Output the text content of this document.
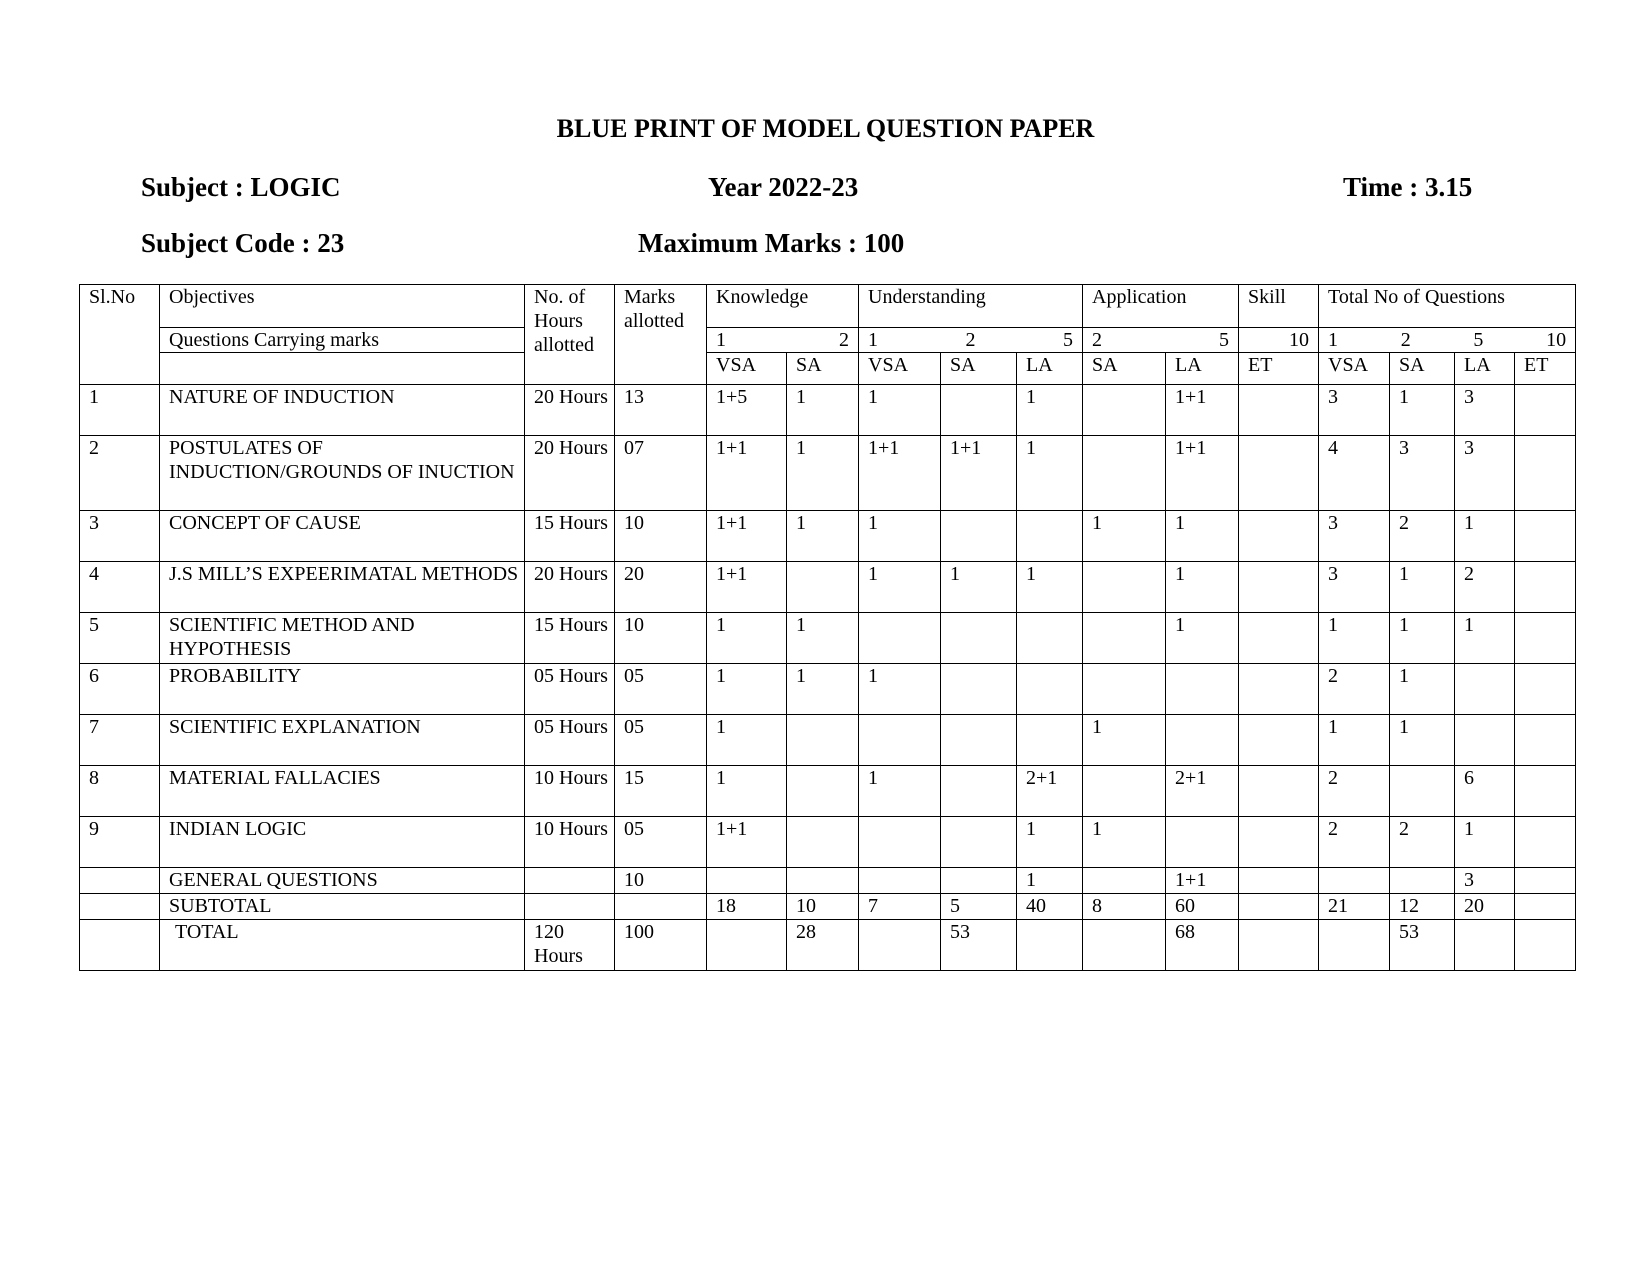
BLUE PRINT OF MODEL QUESTION PAPER
Subject : LOGIC	Year 2022-23	Time : 3.15
Subject Code : 23	Maximum Marks : 100
Sl.No	Objectives	No. of Hours allotted	Marks allotted	Knowledge		Understanding			Application		Skill	Total No of Questions			
	Questions Carrying marks			1 2		1 2 5			2 5		10	1 2 5 10			

				VSA	SA	VSA	SA	LA	SA	LA	ET	VSA	SA	LA	ET
1	NATURE OF INDUCTION	20 Hours	13	1+5	1	1		1		1+1		3	1	3	
2	POSTULATES OF INDUCTION/GROUNDS OF INUCTION	20 Hours	07	1+1	1	1+1	1+1	1		1+1		4	3	3	
3	CONCEPT OF CAUSE	15 Hours	10	1+1	1	1			1	1		3	2	1	
4	J.S MILL’S EXPEERIMATAL METHODS	20 Hours	20	1+1		1	1	1		1		3	1	2	
5	SCIENTIFIC METHOD AND HYPOTHESIS	15 Hours	10	1	1					1		1	1	1	
6	PROBABILITY	05 Hours	05	1	1	1						2	1		
7	SCIENTIFIC EXPLANATION	05 Hours	05	1					1			1	1		
8	MATERIAL FALLACIES	10 Hours	15	1		1		2+1		2+1		2		6	
9	INDIAN LOGIC	10 Hours	05	1+1				1	1			2	2	1	
	GENERAL QUESTIONS		10					1		1+1				3	
	SUBTOTAL			18	10	7	5	40	8	60		21	12	20	
	TOTAL	120 Hours	100		28		53			68			53		
